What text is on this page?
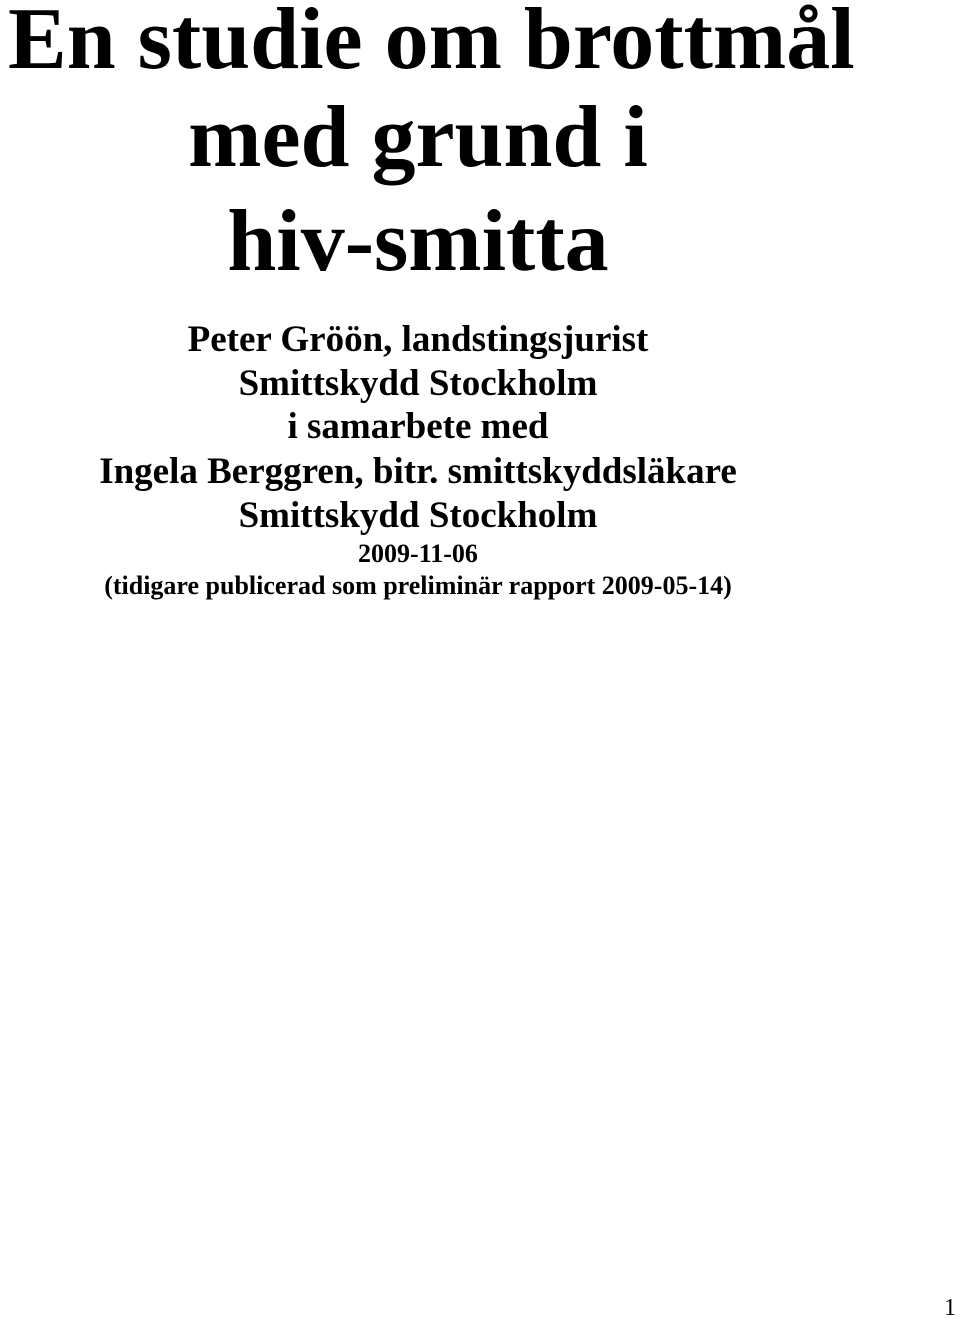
En studie om brottmål
med grund i
hiv-smitta

Peter Gröön, landstingsjurist

Smittskydd Stockholm

i samarbete med

Ingela Berggren, bitr. smittskyddsläkare

Smittskydd Stockholm

2009-11-06

(tidigare publicerad som preliminär rapport 2009-05-14)

1
